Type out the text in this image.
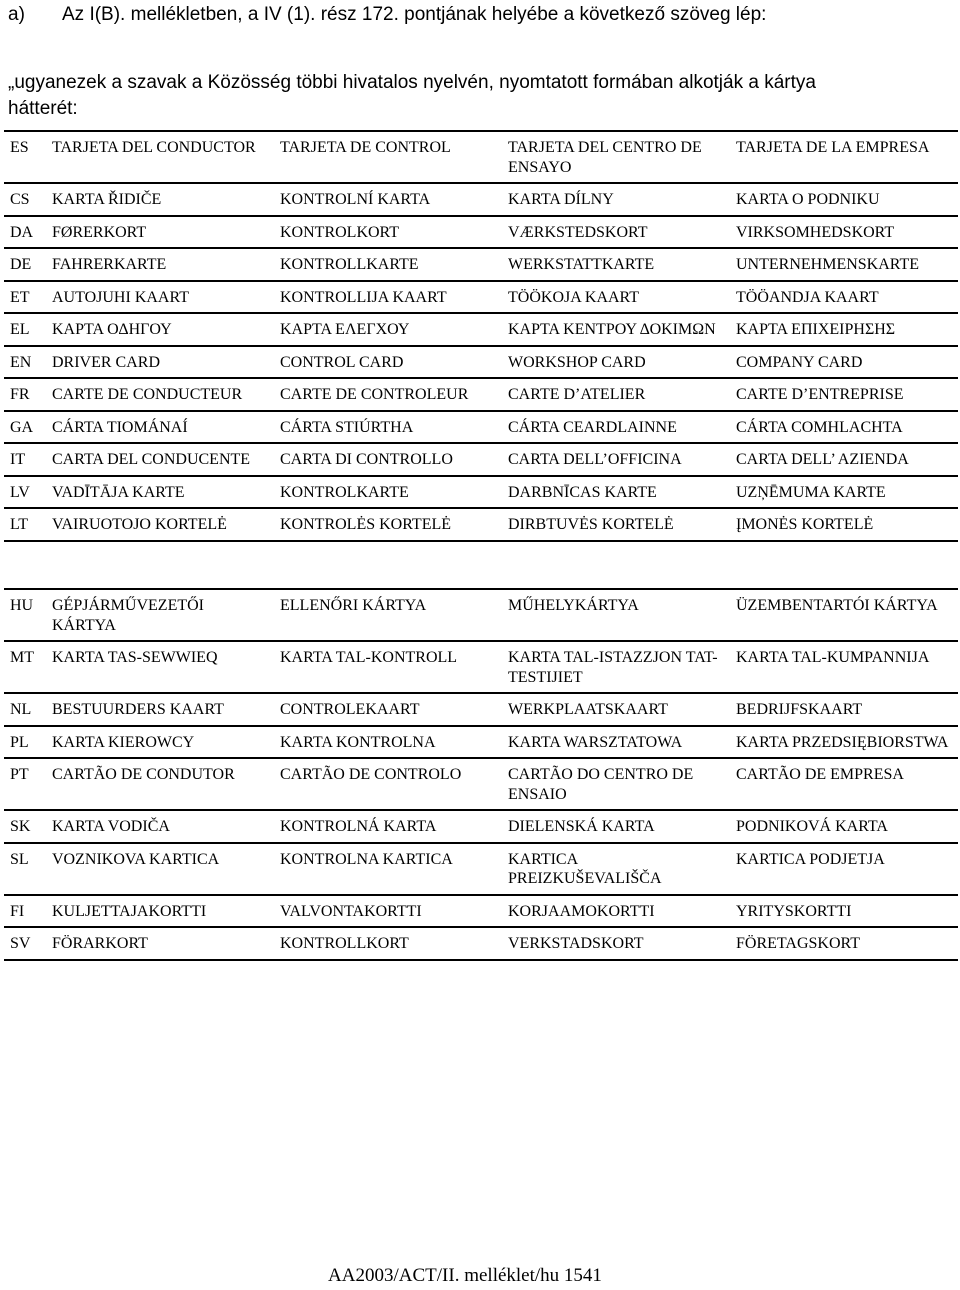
a) Az I(B). mellékletben, a IV (1). rész 172. pontjának helyébe a következő szöveg lép:
„ugyanezek a szavak a Közösség többi hivatalos nyelvén, nyomtatott formában alkotják a kártya
hátterét:
ES	TARJETA DEL CONDUCTOR	TARJETA DE CONTROL	TARJETA DEL CENTRO DE ENSAYO	TARJETA DE LA EMPRESA
CS	KARTA ŘIDIČE	KONTROLNÍ KARTA	KARTA DÍLNY	KARTA O PODNIKU
DA	FØRERKORT	KONTROLKORT	VÆRKSTEDSKORT	VIRKSOMHEDSKORT
DE	FAHRERKARTE	KONTROLLKARTE	WERKSTATTKARTE	UNTERNEHMENSKARTE
ET	AUTOJUHI KAART	KONTROLLIJA KAART	TÖÖKOJA KAART	TÖÖANDJA KAART
EL	ΚΑΡΤΑ ΟΔΗΓΟΥ	ΚΑΡΤΑ ΕΛΕΓΧΟΥ	ΚΑΡΤΑ ΚΕΝΤΡΟΥ ΔΟΚΙΜΩΝ	ΚΑΡΤΑ ΕΠΙΧΕΙΡΗΣΗΣ
EN	DRIVER CARD	CONTROL CARD	WORKSHOP CARD	COMPANY CARD
FR	CARTE DE CONDUCTEUR	CARTE DE CONTROLEUR	CARTE D’ATELIER	CARTE D’ENTREPRISE
GA	CÁRTA TIOMÁNAÍ	CÁRTA STIÚRTHA	CÁRTA CEARDLAINNE	CÁRTA COMHLACHTA
IT	CARTA DEL CONDUCENTE	CARTA DI CONTROLLO	CARTA DELL’OFFICINA	CARTA DELL’ AZIENDA
LV	VADĪTĀJA KARTE	KONTROLKARTE	DARBNĪCAS KARTE	UZŅĒMUMA KARTE
LT	VAIRUOTOJO KORTELĖ	KONTROLĖS KORTELĖ	DIRBTUVĖS KORTELĖ	ĮMONĖS KORTELĖ
HU	GÉPJÁRMŰVEZETŐI KÁRTYA	ELLENŐRI KÁRTYA	MŰHELYKÁRTYA	ÜZEMBENTARTÓI KÁRTYA
MT	KARTA TAS-SEWWIEQ	KARTA TAL-KONTROLL	KARTA TAL-ISTAZZJON TAT-TESTIJIET	KARTA TAL-KUMPANNIJA
NL	BESTUURDERS KAART	CONTROLEKAART	WERKPLAATSKAART	BEDRIJFSKAART
PL	KARTA KIEROWCY	KARTA KONTROLNA	KARTA WARSZTATOWA	KARTA PRZEDSIĘBIORSTWA
PT	CARTÃO DE CONDUTOR	CARTÃO DE CONTROLO	CARTÃO DO CENTRO DE ENSAIO	CARTÃO DE EMPRESA
SK	KARTA VODIČA	KONTROLNÁ KARTA	DIELENSKÁ KARTA	PODNIKOVÁ KARTA
SL	VOZNIKOVA KARTICA	KONTROLNA KARTICA	KARTICA PREIZKUŠEVALIŠČA	KARTICA PODJETJA
FI	KULJETTAJAKORTTI	VALVONTAKORTTI	KORJAAMOKORTTI	YRITYSKORTTI
SV	FÖRARKORT	KONTROLLKORT	VERKSTADSKORT	FÖRETAGSKORT
AA2003/ACT/II. melléklet/hu 1541
